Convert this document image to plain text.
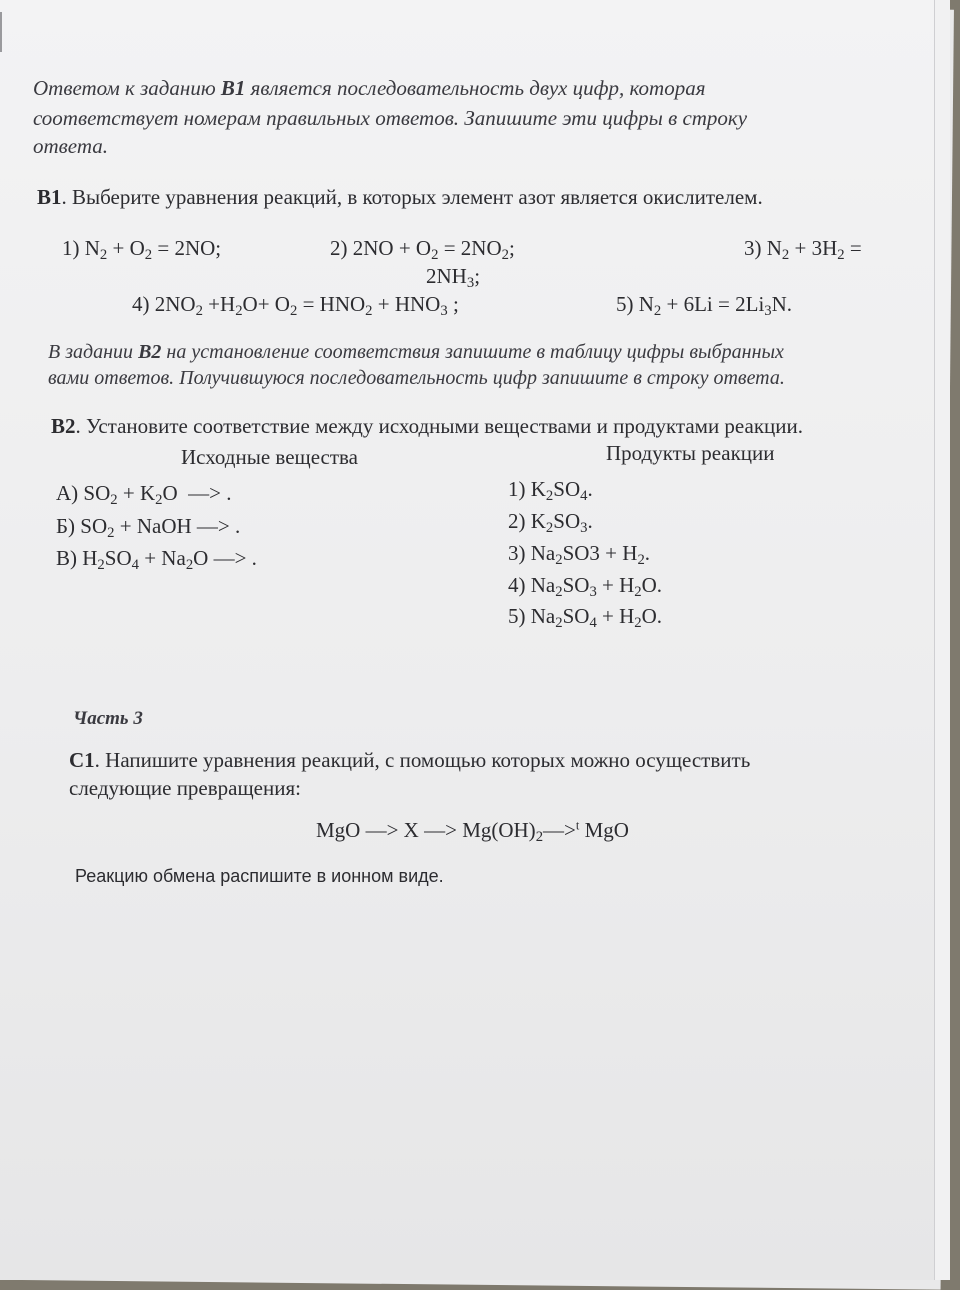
Ответом к заданию B1 является последовательность двух цифр, которая
соответствует номерам правильных ответов. Запишите эти цифры в строку
ответа.
B1. Выберите уравнения реакций, в которых элемент азот является окислителем.
1) $N_2 + O_2 = 2NO$;	2) $2NO + O_2 = 2NO_2$;	3) $N_2 + 3H_2$ =
$2NH_3$;
4) $2NO_2 +H_2O+ O_2 = HNO_2 + HNO_3$ ;	5) $N_2 + 6Li = 2Li_3N$.
В задании B2 на установление соответствия запишите в таблицу цифры выбранных
вами ответов. Получившуюся последовательность цифр запишите в строку ответа.
B2. Установите соответствие между исходными веществами и продуктами реакции.
Исходные вещества	Продукты реакции
А) $SO_2 + K_2O$  —> .
Б) $SO_2$ + NaOH —> .
В) $H_2SO_4 + Na_2O$ —> .
1) $K_2SO_4$.
2) $K_2SO_3$.
3) $Na_2SO3 + H_2$.
4) $Na_2SO_3 + H_2O$.
5) $Na_2SO_4 + H_2O$.
Часть 3
C1. Напишите уравнения реакций, с помощью которых можно осуществить
следующие превращения:
MgO —> X —> $Mg(OH)_2—>^t$ MgO
Реакцию обмена распишите в ионном виде.
